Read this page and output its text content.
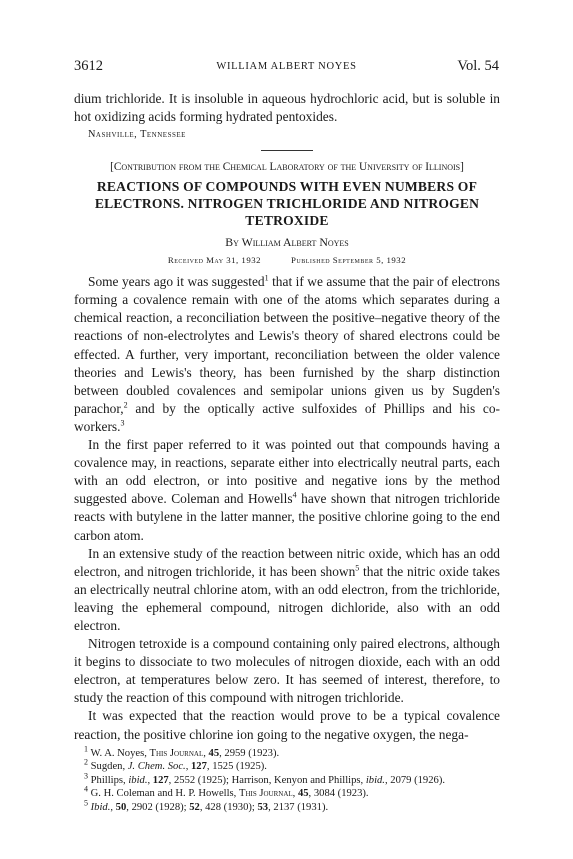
3612	WILLIAM ALBERT NOYES	Vol. 54

dium trichloride. It is insoluble in aqueous hydrochloric acid, but is soluble in hot oxidizing acids forming hydrated pentoxides.

Nashville, Tennessee
[Contribution from the Chemical Laboratory of the University of Illinois]
REACTIONS OF COMPOUNDS WITH EVEN NUMBERS OF ELECTRONS. NITROGEN TRICHLORIDE AND NITROGEN TETROXIDE
By William Albert Noyes
Received May 31, 1932	Published September 5, 1932

Some years ago it was suggested$^1$ that if we assume that the pair of electrons forming a covalence remain with one of the atoms which separates during a chemical reaction, a reconciliation between the positive–negative theory of the reactions of non-electrolytes and Lewis's theory of shared electrons could be effected. A further, very important, reconciliation between the older valence theories and Lewis's theory, has been furnished by the sharp distinction between doubled covalences and semipolar unions given us by Sugden's parachor,$^2$ and by the optically active sulfoxides of Phillips and his co-workers.$^3$

In the first paper referred to it was pointed out that compounds having a covalence may, in reactions, separate either into electrically neutral parts, each with an odd electron, or into positive and negative ions by the method suggested above. Coleman and Howells$^4$ have shown that nitrogen trichloride reacts with butylene in the latter manner, the positive chlorine going to the end carbon atom.

In an extensive study of the reaction between nitric oxide, which has an odd electron, and nitrogen trichloride, it has been shown$^5$ that the nitric oxide takes an electrically neutral chlorine atom, with an odd electron, from the trichloride, leaving the ephemeral compound, nitrogen dichloride, also with an odd electron.

Nitrogen tetroxide is a compound containing only paired electrons, although it begins to dissociate to two molecules of nitrogen dioxide, each with an odd electron, at temperatures below zero. It has seemed of interest, therefore, to study the reaction of this compound with nitrogen trichloride.

It was expected that the reaction would prove to be a typical covalence reaction, the positive chlorine ion going to the negative oxygen, the nega-

$^1$ W. A. Noyes, This Journal, 45, 2959 (1923).
$^2$ Sugden, J. Chem. Soc., 127, 1525 (1925).
$^3$ Phillips, ibid., 127, 2552 (1925); Harrison, Kenyon and Phillips, ibid., 2079 (1926).
$^4$ G. H. Coleman and H. P. Howells, This Journal, 45, 3084 (1923).
$^5$ Ibid., 50, 2902 (1928); 52, 428 (1930); 53, 2137 (1931).
